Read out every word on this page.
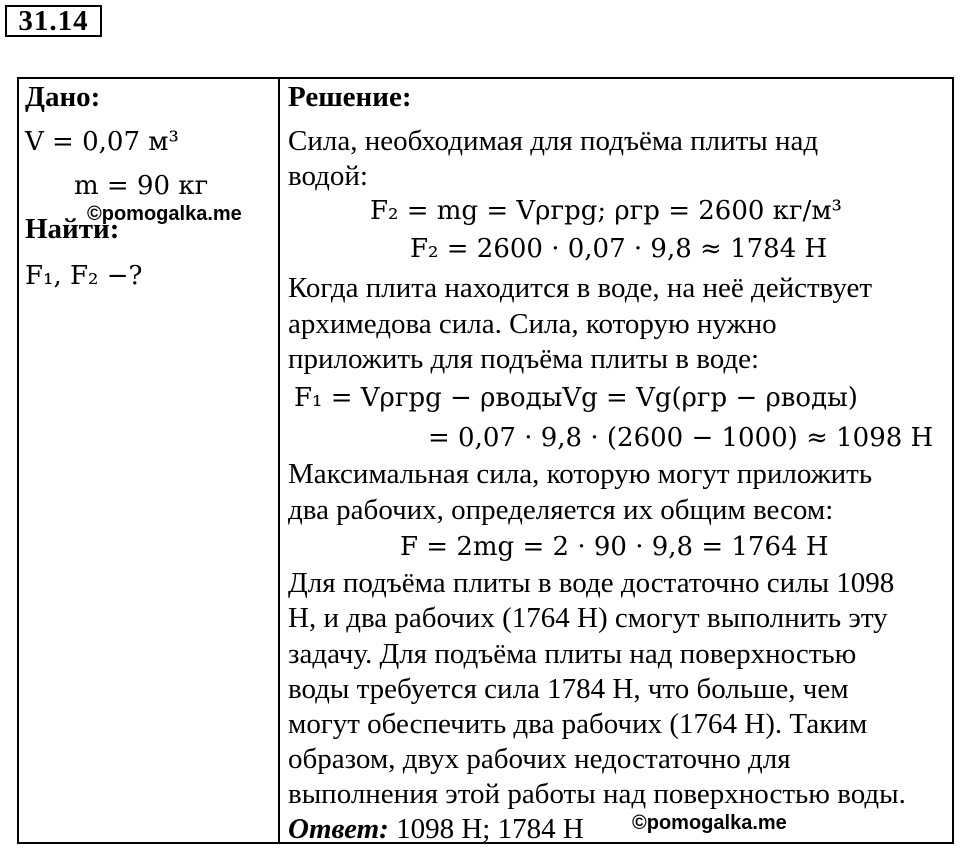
31.14
Дано:
V = 0,07 м³
m = 90 кг
Найти:
F₁, F₂ −?
©pomogalka.me
Решение:
Сила, необходимая для подъёма плиты над
водой:
F₂ = mg = Vρгрg; ρгр = 2600 кг/м³
F₂ = 2600 · 0,07 · 9,8 ≈ 1784 Н
Когда плита находится в воде, на неё действует
архимедова сила. Сила, которую нужно
приложить для подъёма плиты в воде:
F₁ = Vρгрg − ρводыVg = Vg(ρгр − ρводы)
= 0,07 · 9,8 · (2600 − 1000) ≈ 1098 Н
Максимальная сила, которую могут приложить
два рабочих, определяется их общим весом:
F = 2mg = 2 · 90 · 9,8 = 1764 Н
Для подъёма плиты в воде достаточно силы 1098
Н, и два рабочих (1764 Н) смогут выполнить эту
задачу. Для подъёма плиты над поверхностью
воды требуется сила 1784 Н, что больше, чем
могут обеспечить два рабочих (1764 Н). Таким
образом, двух рабочих недостаточно для
выполнения этой работы над поверхностью воды.
Ответ: 1098 Н; 1784 Н ©pomogalka.me
